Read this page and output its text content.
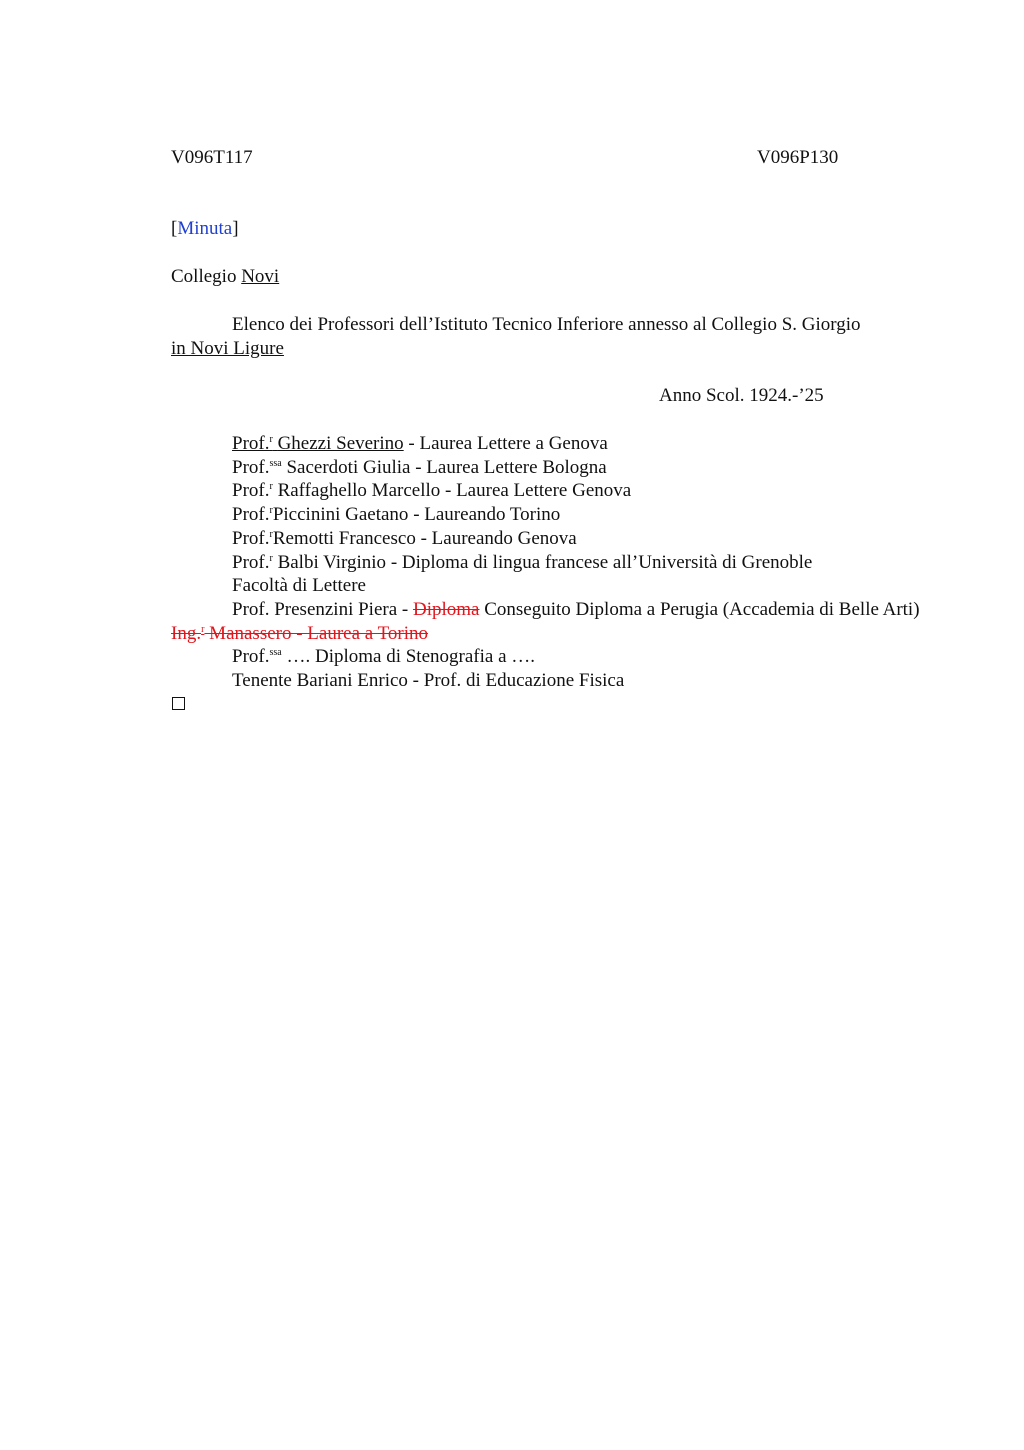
V096T117	V096P130
[Minuta]
Collegio Novi
Elenco dei Professori dell’Istituto Tecnico Inferiore annesso al Collegio S. Giorgio
in Novi Ligure
Anno Scol. 1924.-’25
Prof.$^r$ Ghezzi Severino - Laurea Lettere a Genova
Prof.$^{ssa}$ Sacerdoti Giulia - Laurea Lettere Bologna
Prof.$^r$ Raffaghello Marcello - Laurea Lettere Genova
Prof.$^r$Piccinini Gaetano - Laureando Torino
Prof.$^r$Remotti Francesco - Laureando Genova
Prof.$^r$ Balbi Virginio - Diploma di lingua francese all’Università di Grenoble
Facoltà di Lettere
Prof. Presenzini Piera - Diploma Conseguito Diploma a Perugia (Accademia di Belle Arti) Ing.$^r$ Manassero - Laurea a Torino
Prof.$^{ssa}$ …. Diploma di Stenografia a ….
Tenente Bariani Enrico - Prof. di Educazione Fisica
